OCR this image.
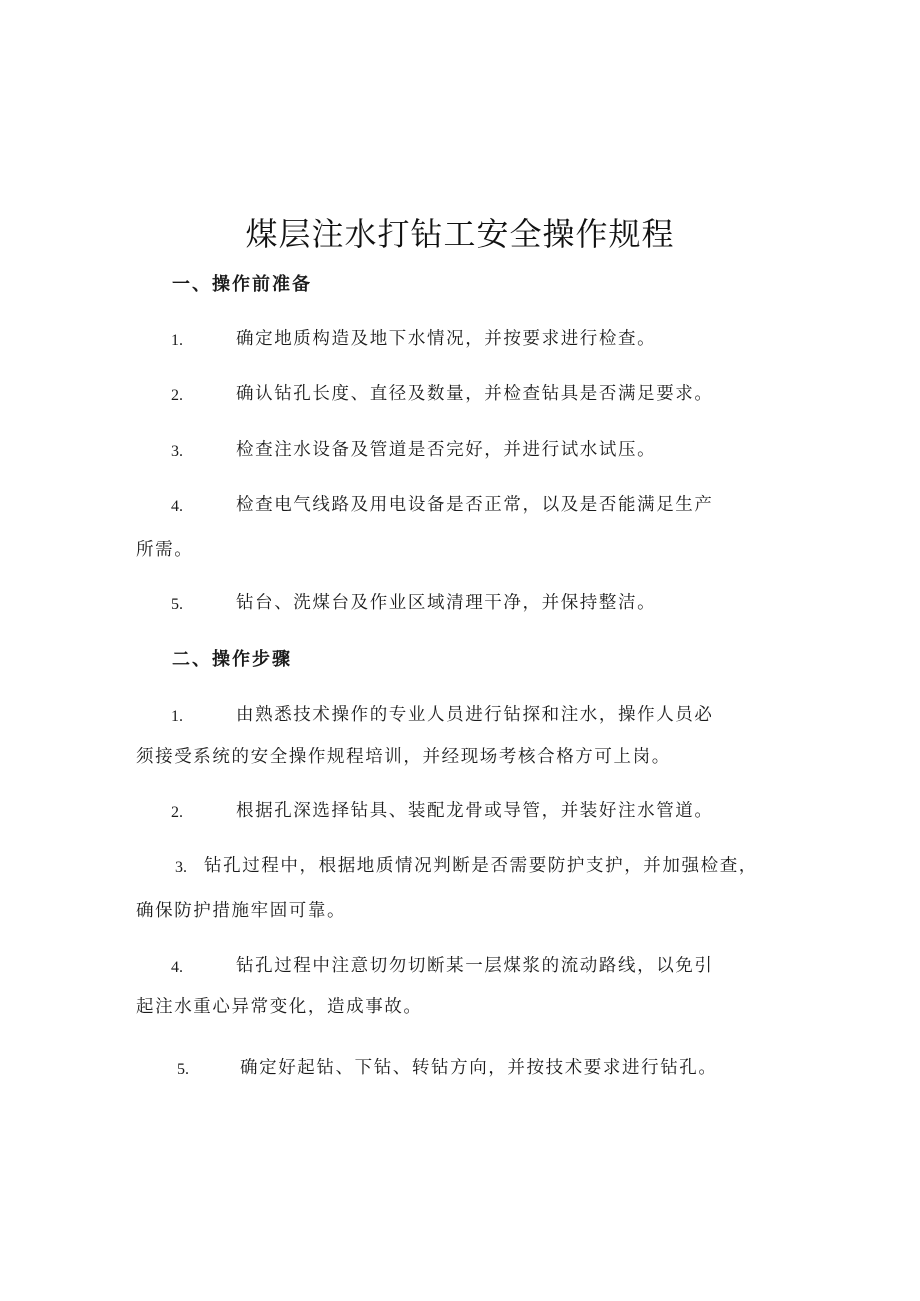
煤层注水打钻工安全操作规程
一、操作前准备
1.	确定地质构造及地下水情况，并按要求进行检查。
2.	确认钻孔长度、直径及数量，并检查钻具是否满足要求。
3.	检查注水设备及管道是否完好，并进行试水试压。
4.	检查电气线路及用电设备是否正常，以及是否能满足生产
所需。
5.	钻台、洗煤台及作业区域清理干净，并保持整洁。
二、操作步骤
1.	由熟悉技术操作的专业人员进行钻探和注水，操作人员必
须接受系统的安全操作规程培训，并经现场考核合格方可上岗。
2.	根据孔深选择钻具、装配龙骨或导管，并装好注水管道。
3. 钻孔过程中，根据地质情况判断是否需要防护支护，并加强检查，
确保防护措施牢固可靠。
4.	钻孔过程中注意切勿切断某一层煤浆的流动路线，以免引
起注水重心异常变化，造成事故。
5.	确定好起钻、下钻、转钻方向，并按技术要求进行钻孔。
